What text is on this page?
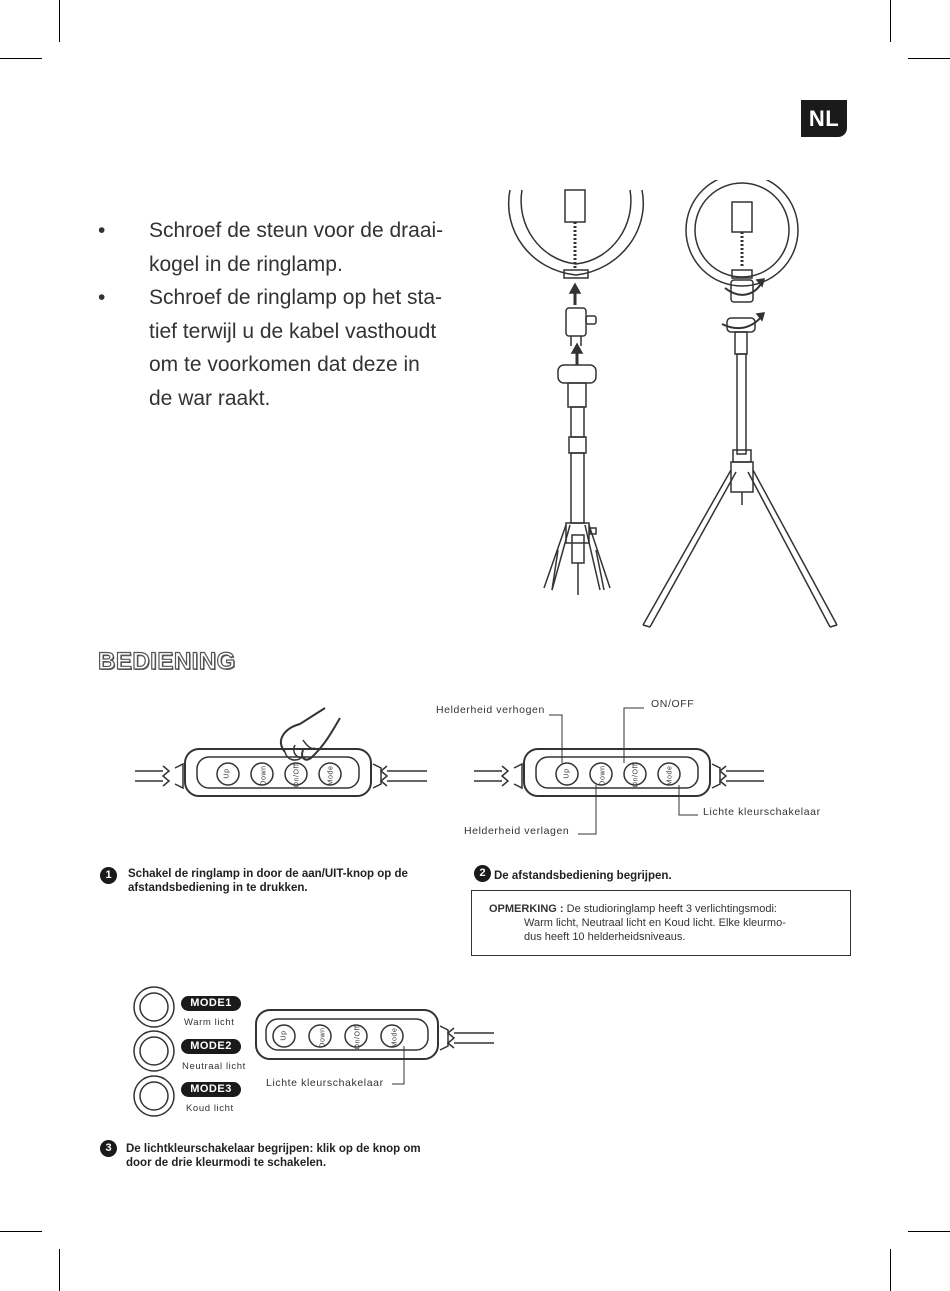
NL
• Schroef de steun voor de draai-
kogel in de ringlamp.
• Schroef de ringlamp op het sta-
tief terwijl u de kabel vasthoudt
om te voorkomen dat deze in
de war raakt.
BEDIENING
Up	Down	On/Off	Mode	Up	Down	On/Off	Mode
Helderheid verhogen	ON/OFF
Lichte kleurschakelaar
Helderheid verlagen
1	Schakel de ringlamp in door de aan/UIT-knop op de afstandsbediening in te drukken.
2 De afstandsbediening begrijpen.
OPMERKING : De studioringlamp heeft 3 verlichtingsmodi:
Warm licht, Neutraal licht en Koud licht. Elke kleurmo-
dus heeft 10 helderheidsniveaus.
MODE1
Warm licht
MODE2
Neutraal licht
MODE3
Koud licht
Up	Down	On/Off	Mode
Lichte kleurschakelaar
3	De lichtkleurschakelaar begrijpen: klik op de knop om door de drie kleurmodi te schakelen.
